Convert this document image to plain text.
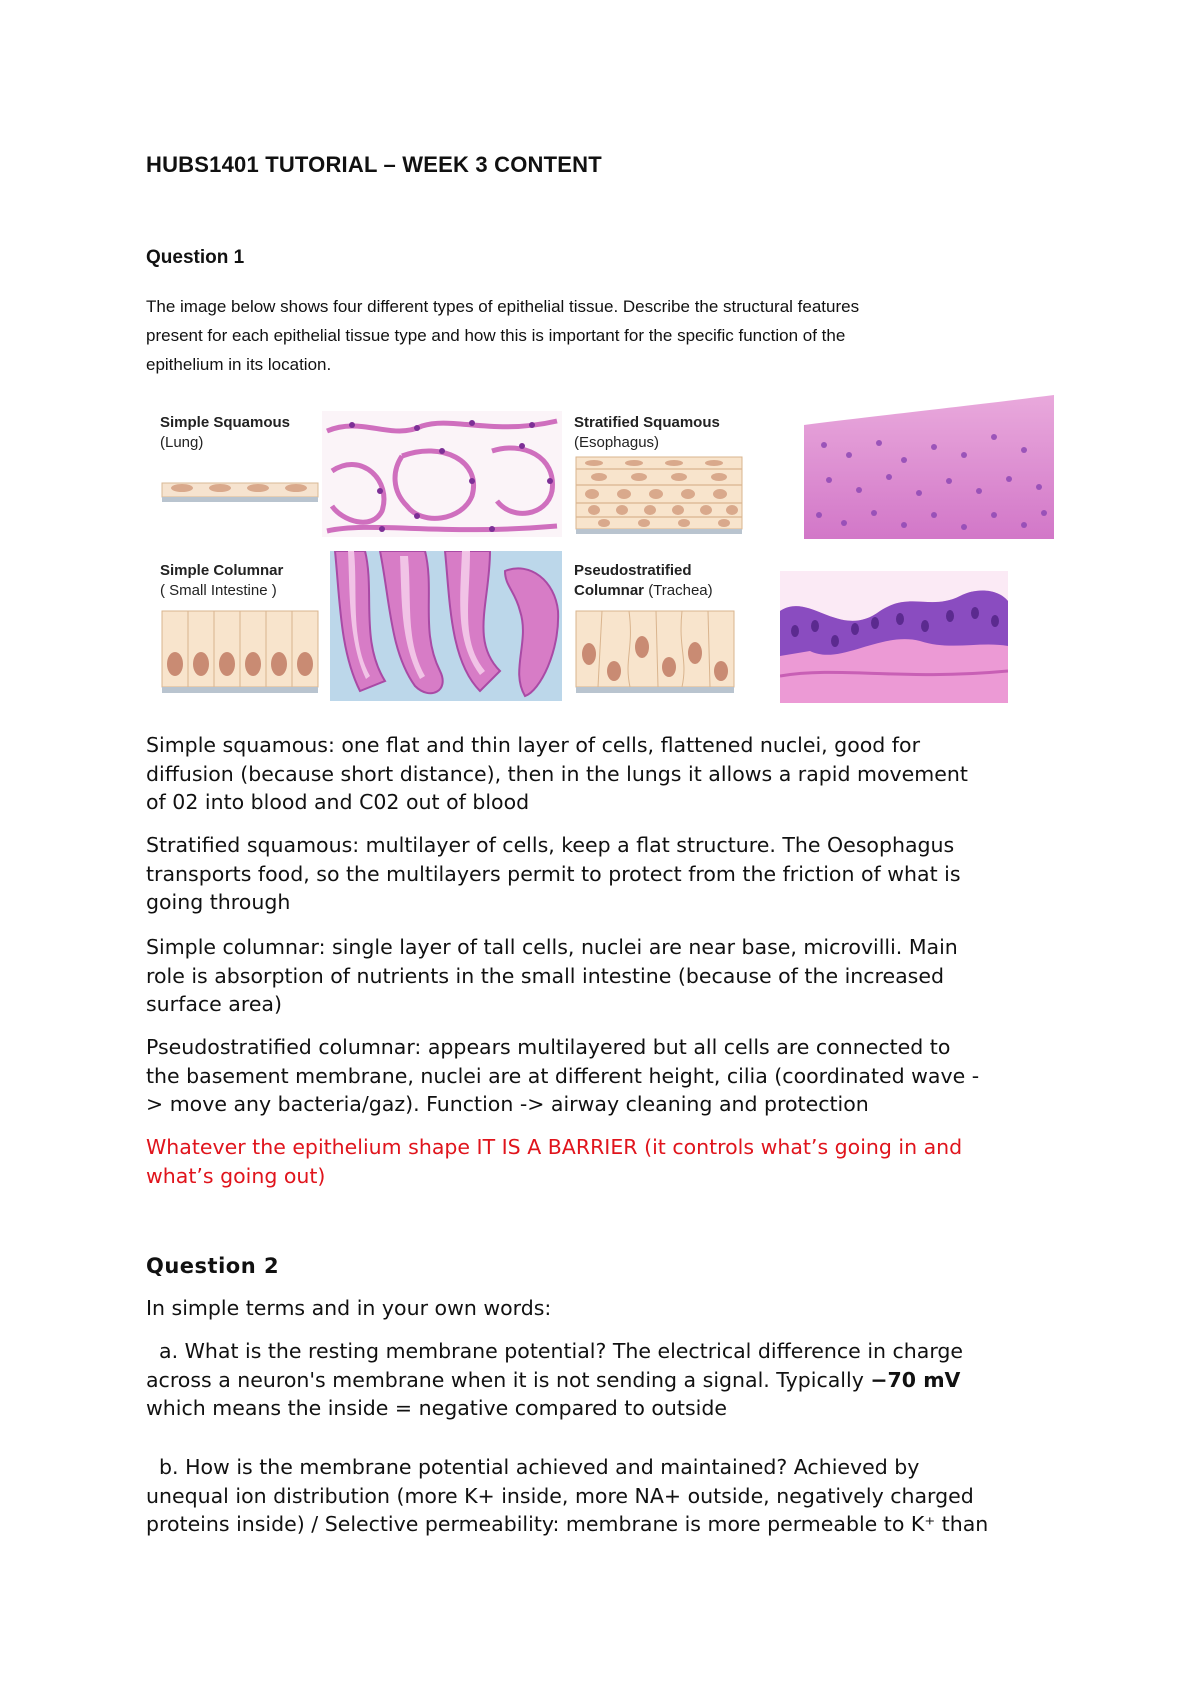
HUBS1401 TUTORIAL – WEEK 3 CONTENT
Question 1
The image below shows four different types of epithelial tissue. Describe the structural features
present for each epithelial tissue type and how this is important for the specific function of the
epithelium in its location.
Simple Squamous
(Lung)
Stratified Squamous
(Esophagus)
Simple Columnar
( Small Intestine )
Pseudostratified
Columnar (Trachea)
Simple squamous: one flat and thin layer of cells, flattened nuclei, good for
diffusion (because short distance), then in the lungs it allows a rapid movement
of 02 into blood and C02 out of blood
Stratified squamous: multilayer of cells, keep a flat structure. The Oesophagus
transports food, so the multilayers permit to protect from the friction of what is
going through
Simple columnar: single layer of tall cells, nuclei are near base, microvilli. Main
role is absorption of nutrients in the small intestine (because of the increased
surface area)
Pseudostratified columnar: appears multilayered but all cells are connected to
the basement membrane, nuclei are at different height, cilia (coordinated wave -
> move any bacteria/gaz). Function -> airway cleaning and protection
Whatever the epithelium shape IT IS A BARRIER (it controls what’s going in and
what’s going out)
Question 2
In simple terms and in your own words:
a. What is the resting membrane potential? The electrical difference in charge
across a neuron's membrane when it is not sending a signal. Typically −70 mV
which means the inside = negative compared to outside
b. How is the membrane potential achieved and maintained? Achieved by
unequal ion distribution (more K+ inside, more NA+ outside, negatively charged
proteins inside) / Selective permeability: membrane is more permeable to K⁺ than
